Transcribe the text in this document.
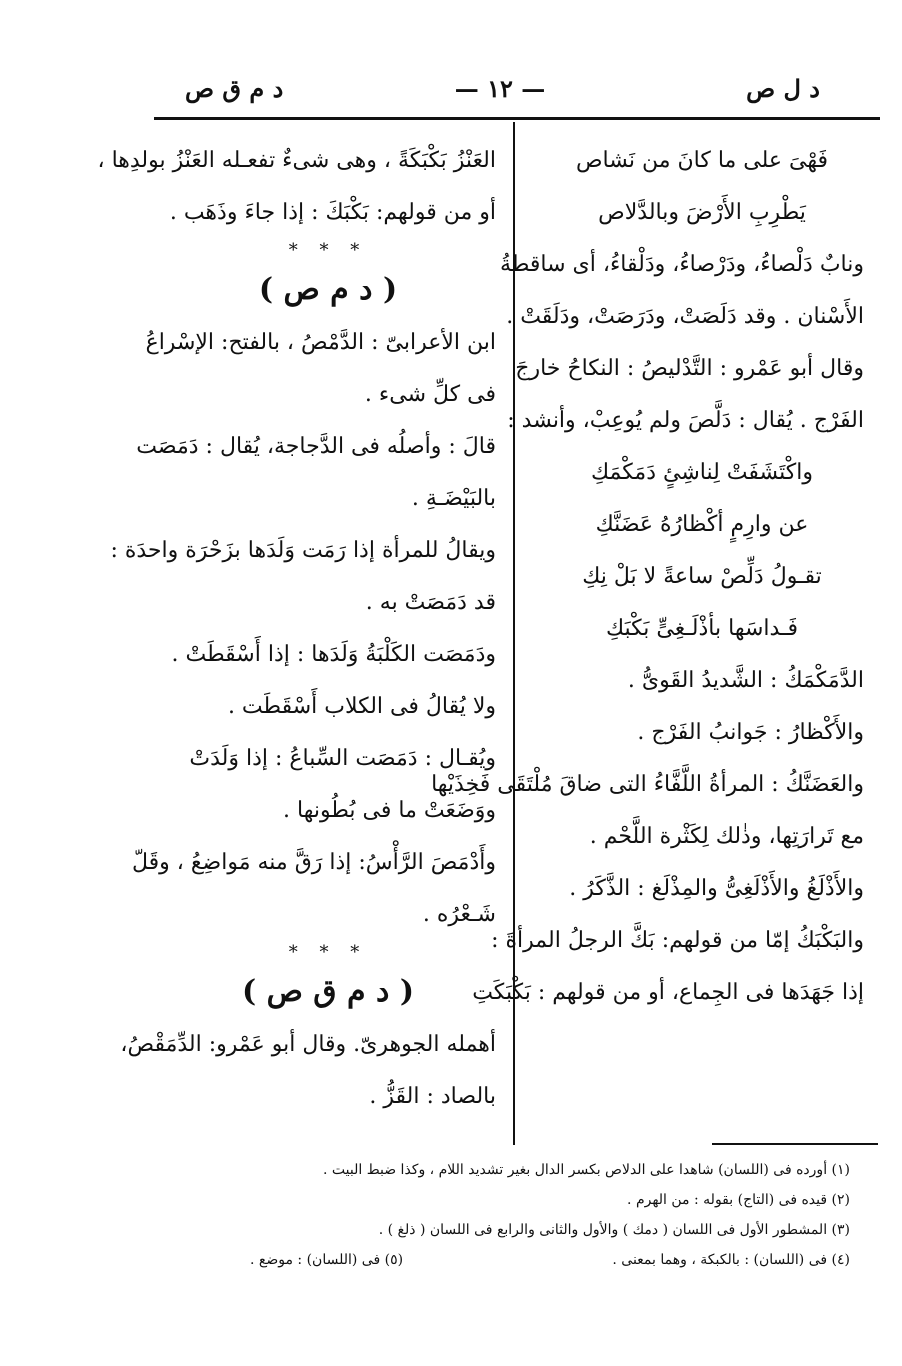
د ل ص
— ١٢ —
د م ق ص

فَهْىَ على ما كانَ من نَشاص

يَطْرِبِ الأَرْضَ وبالدَّلاص

ونابٌ دَلْصاءُ، ودَرْصاءُ، ودَلْقاءُ، أى ساقطةُ

الأَسْنان . وقد دَلَصَتْ، ودَرَصَتْ، ودَلَقَتْ .

وقال أبو عَمْرو : التَّدْليصُ : النكاحُ خارجَ

الفَرْج . يُقال : دَلَّصَ ولم يُوعِبْ، وأنشد :

واكْتَشَفَتْ لِناشِئٍ دَمَكْمَكِ

عن وارِمٍ أكْظارُهُ عَضَنَّكِ

تقـولُ دَلِّصْ ساعةً لا بَلْ نِكِ

فَـداسَها بأذْلَـغِىٍّ بَكْبَكِ

الدَّمَكْمَكُ : الشَّديدُ القَوىُّ .

والأَكْظارُ : جَوانبُ الفَرْج .

والعَضَنَّكُ : المرأةُ اللَّفَّاءُ التى ضاقَ مُلْتَقَى فَخِذَيْها

مع تَرارَتِها، وذٰلك لِكَثْرة اللَّحْم .

والأَذْلَغُ والأَذْلَغِىُّ والمِذْلَغ : الذَّكَرُ .

والبَكْبَكُ إمّا من قولهم: بَكَّ الرجلُ المرأةَ :

إذا جَهَدَها فى الجِماع، أو من قولهم : بَكْبَكَتِ

العَنْزُ بَكْبَكَةً ، وهى شىءٌ تفعـله العَنْزُ بولدِها ،

أو من قولهم: بَكْبَكَ : إذا جاءَ وذَهَب .

* * *
( د م ص )

ابن الأعرابىّ : الدَّمْصُ ، بالفتح: الإسْراعُ

فى كلِّ شىء .

قالَ : وأصلُه فى الدَّجاجة، يُقال : دَمَصَت

بالبَيْضَـةِ .

ويقالُ للمرأة إذا رَمَت وَلَدَها بزَحْرَة واحدَة :

قد دَمَصَتْ به .

ودَمَصَت الكَلْبَةُ وَلَدَها : إذا أَسْقَطَتْ .

ولا يُقالُ فى الكلاب أَسْقَطَت .

ويُقـال : دَمَصَت السِّباعُ : إذا وَلَدَتْ

ووَضَعَتْ ما فى بُطُونها .

وأَدْمَصَ الرَّأْسُ: إذا رَقَّ منه مَواضِعُ ، وقَلّ

شَـعْرُه .

* * *
( د م ق ص )

أهمله الجوهرىّ. وقال أبو عَمْرو: الدِّمَقْصُ،

بالصاد : القَزُّ .

(١) أورده فى (اللسان) شاهدا على الدلاص بكسر الدال بغير تشديد اللام ، وكذا ضبط البيت .

(٢) قيده فى (التاج) بقوله : من الهرم .

(٣) المشطور الأول فى اللسان ( دمك ) والأول والثانى والرابع فى اللسان ( ذلغ ) .

(٤) فى (اللسان) : بالكبكة ، وهما بمعنى .
(٥) فى (اللسان) : موضع .
